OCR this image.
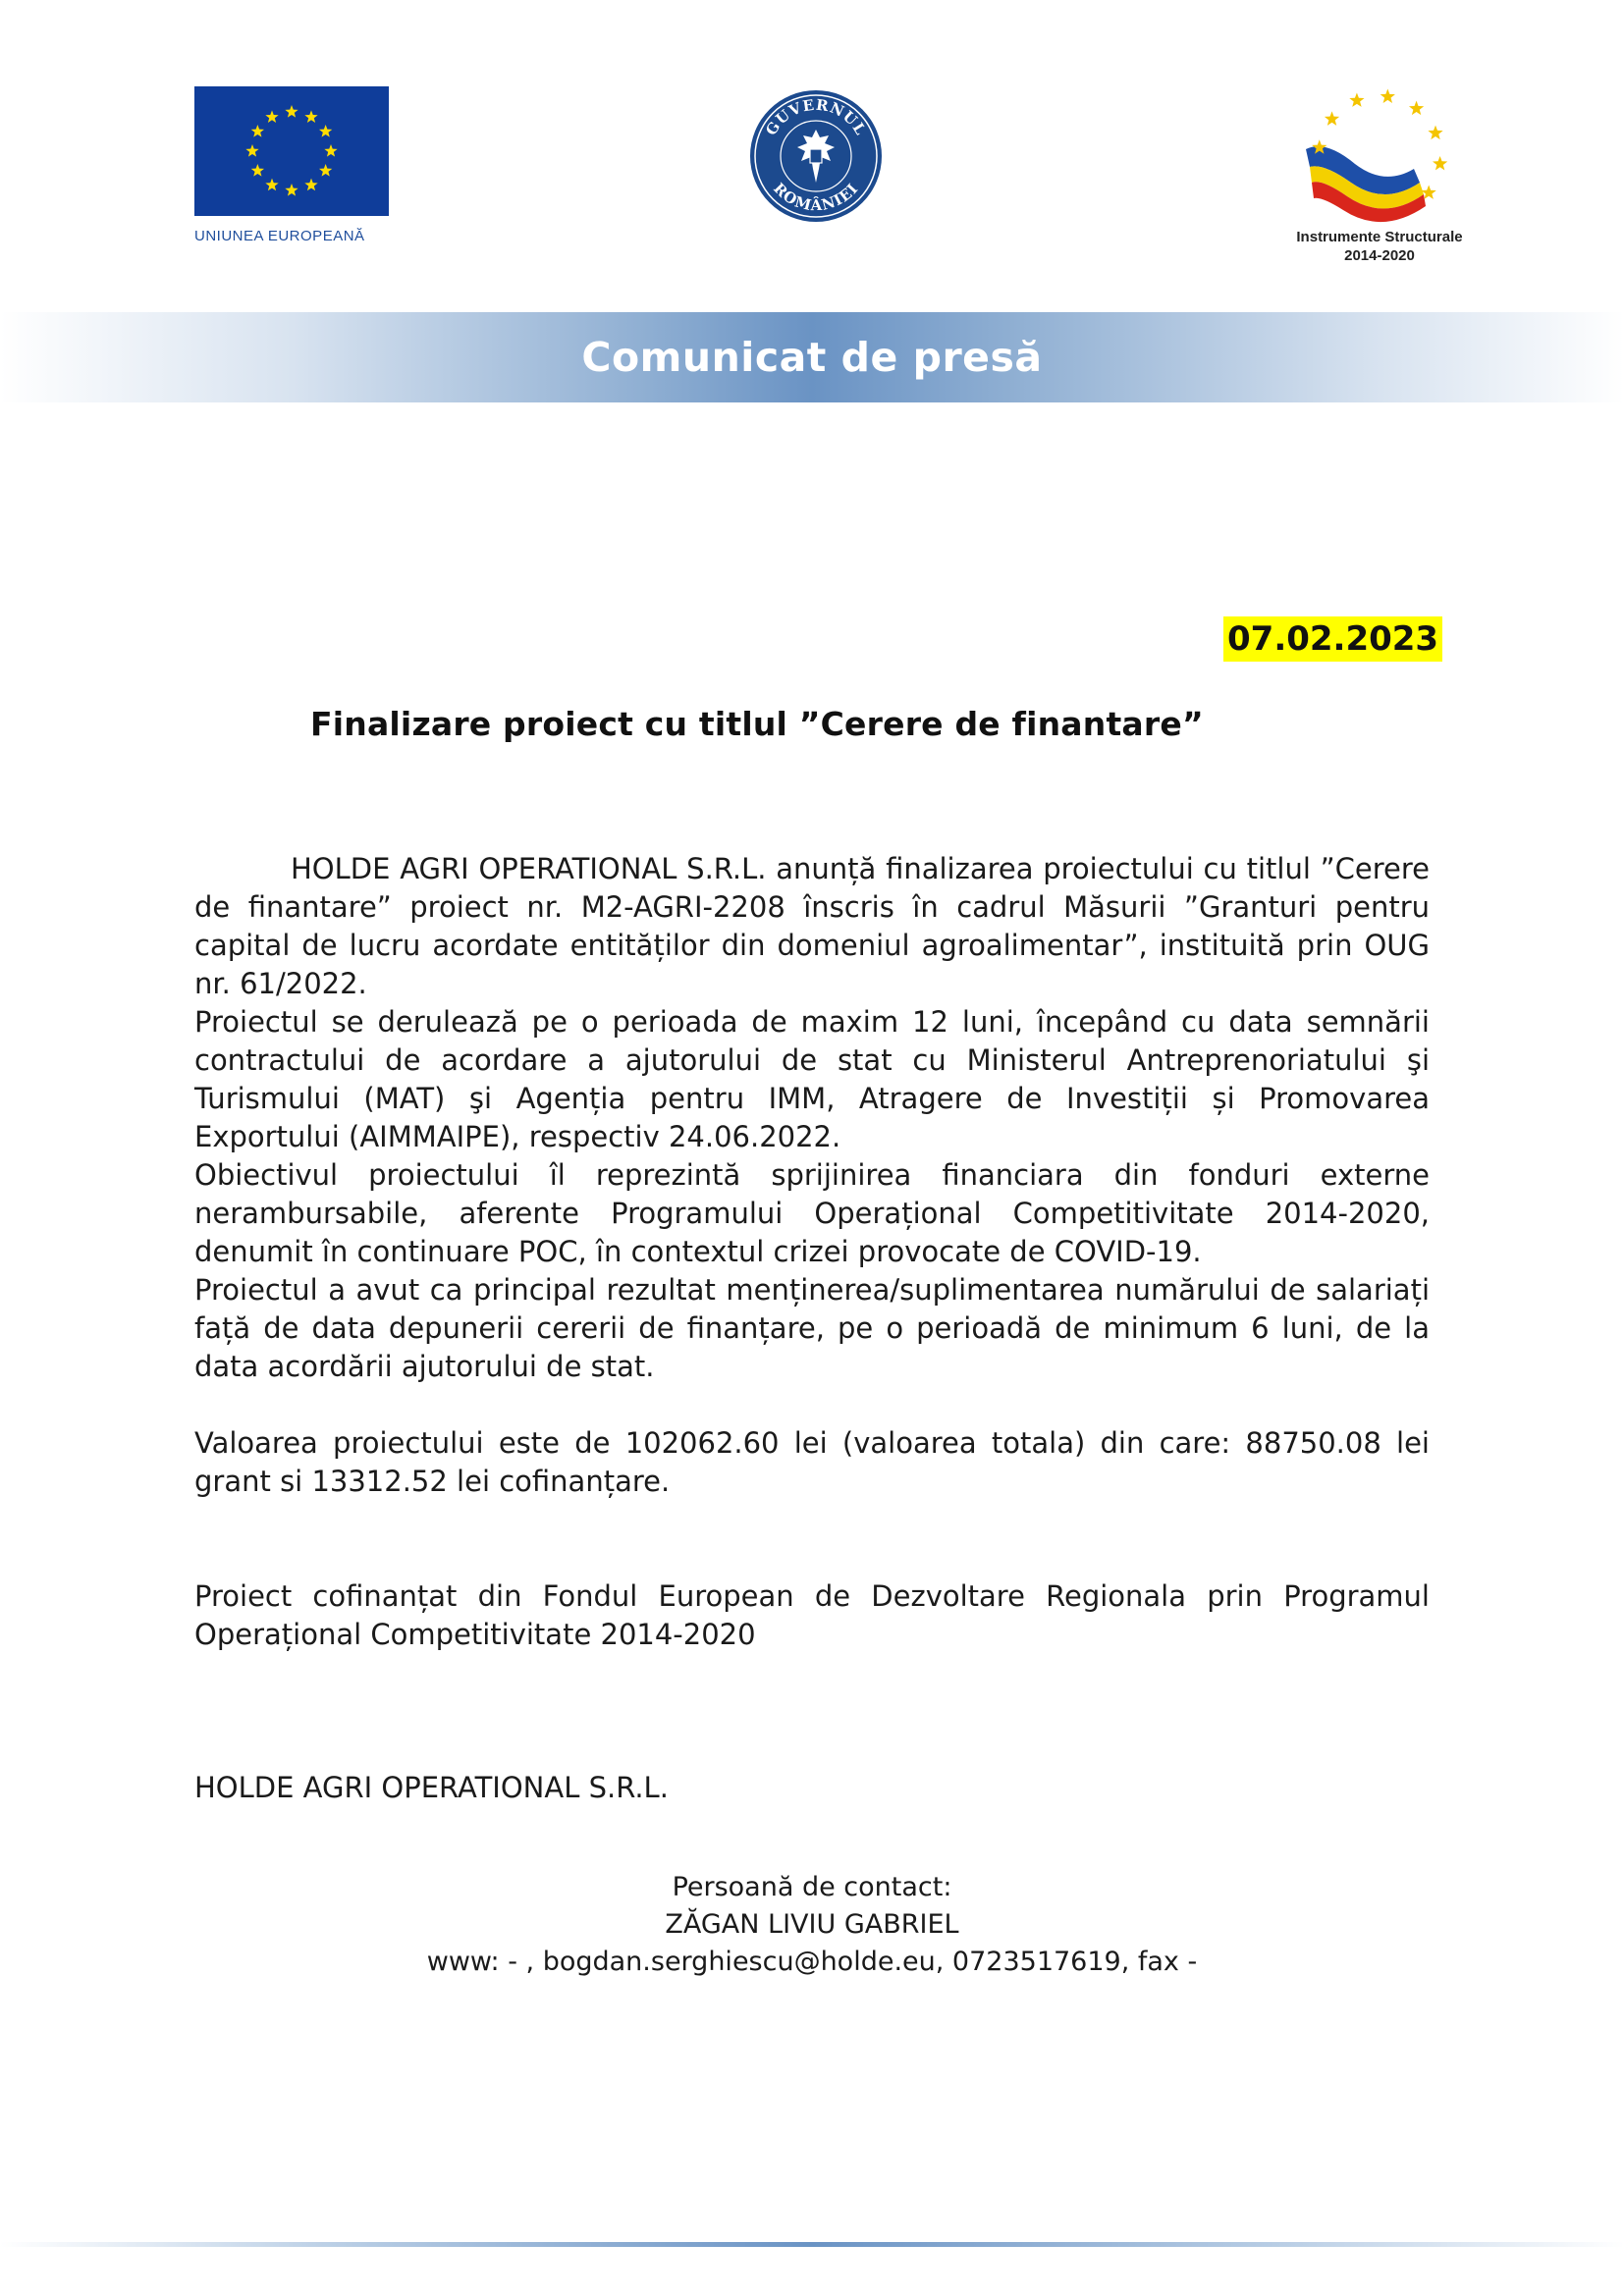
UNIUNEA EUROPEANĂ
GUVERNUL
ROMÂNIEI
Instrumente Structurale
2014-2020
Comunicat de presă
07.02.2023
Finalizare proiect cu titlul ”Cerere de finantare”

HOLDE AGRI OPERATIONAL S.R.L. anunță finalizarea proiectului cu titlul ”Cerere de finantare” proiect nr. M2-AGRI-2208 înscris în cadrul Măsurii ”Granturi pentru capital de lucru acordate entităților din domeniul agroalimentar”, instituită prin OUG nr. 61/2022.

Proiectul se derulează pe o perioada de maxim 12 luni, începând cu data semnării contractului de acordare a ajutorului de stat cu Ministerul Antreprenoriatului şi Turismului (MAT) şi Agenția pentru IMM, Atragere de Investiții și Promovarea Exportului (AIMMAIPE), respectiv 24.06.2022.

Obiectivul proiectului îl reprezintă sprijinirea financiara din fonduri externe nerambursabile, aferente Programului Operațional Competitivitate 2014-2020, denumit în continuare POC, în contextul crizei provocate de COVID-19.

Proiectul a avut ca principal rezultat menținerea/suplimentarea numărului de salariați față de data depunerii cererii de finanțare, pe o perioadă de minimum 6 luni, de la data acordării ajutorului de stat.

Valoarea proiectului este de 102062.60 lei (valoarea totala) din care: 88750.08 lei grant si 13312.52 lei cofinanțare.

Proiect cofinanțat din Fondul European de Dezvoltare Regionala prin Programul Operațional Competitivitate 2014-2020

HOLDE AGRI OPERATIONAL S.R.L.

Persoană de contact:
ZĂGAN LIVIU GABRIEL
www: - , bogdan.serghiescu@holde.eu, 0723517619, fax -
